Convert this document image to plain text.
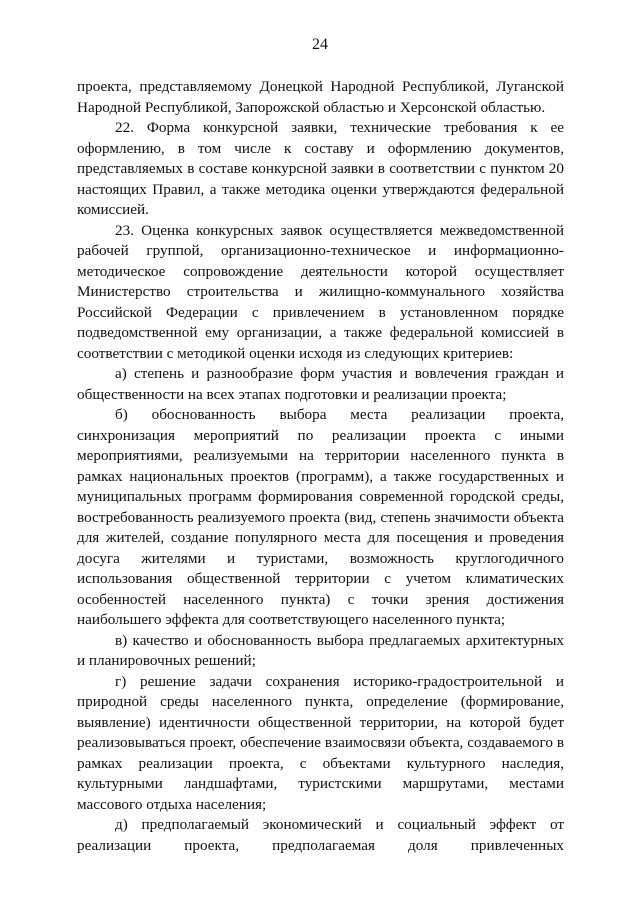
24

проекта, представляемому Донецкой Народной Республикой, Луганской Народной Республикой, Запорожской областью и Херсонской областью.

22. Форма конкурсной заявки, технические требования к ее оформлению, в том числе к составу и оформлению документов, представляемых в составе конкурсной заявки в соответствии с пунктом 20 настоящих Правил, а также методика оценки утверждаются федеральной комиссией.

23. Оценка конкурсных заявок осуществляется межведомственной рабочей группой, организационно-техническое и информационно-методическое сопровождение деятельности которой осуществляет Министерство строительства и жилищно-коммунального хозяйства Российской Федерации с привлечением в установленном порядке подведомственной ему организации, а также федеральной комиссией в соответствии с методикой оценки исходя из следующих критериев:

а) степень и разнообразие форм участия и вовлечения граждан и общественности на всех этапах подготовки и реализации проекта;

б) обоснованность выбора места реализации проекта, синхронизация мероприятий по реализации проекта с иными мероприятиями, реализуемыми на территории населенного пункта в рамках национальных проектов (программ), а также государственных и муниципальных программ формирования современной городской среды, востребованность реализуемого проекта (вид, степень значимости объекта для жителей, создание популярного места для посещения и проведения досуга жителями и туристами, возможность круглогодичного использования общественной территории с учетом климатических особенностей населенного пункта) с точки зрения достижения наибольшего эффекта для соответствующего населенного пункта;

в) качество и обоснованность выбора предлагаемых архитектурных и планировочных решений;

г) решение задачи сохранения историко-градостроительной и природной среды населенного пункта, определение (формирование, выявление) идентичности общественной территории, на которой будет реализовываться проект, обеспечение взаимосвязи объекта, создаваемого в рамках реализации проекта, с объектами культурного наследия, культурными ландшафтами, туристскими маршрутами, местами массового отдыха населения;

д) предполагаемый экономический и социальный эффект от реализации проекта, предполагаемая доля привлеченных
